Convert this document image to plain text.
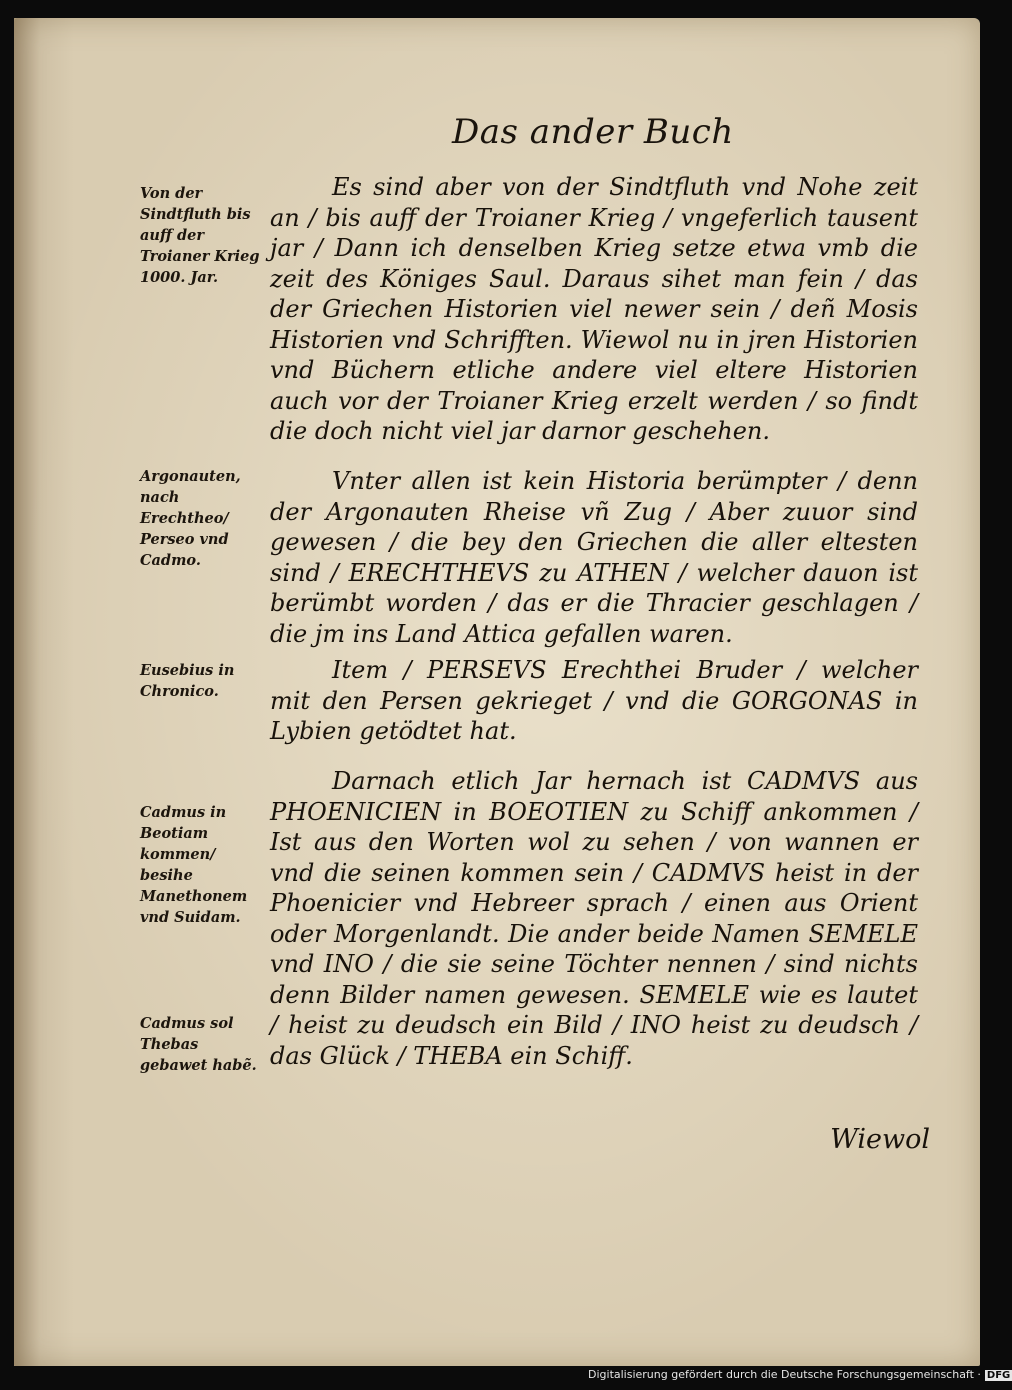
Das ander Buch
Von der Sindtfluth bis auff der Troianer Krieg 1000. Jar.
Argonauten, nach Erechtheo/ Perseo vnd Cadmo.
Eusebius in Chronico.
Cadmus in Beotiam kommen/ besihe Manethonem vnd Suidam.
Cadmus sol Thebas gebawet habẽ.
Es sind aber von der Sindtfluth vnd Nohe zeit an / bis auff der Troianer Krieg / vngeferlich tausent jar / Dann ich denselben Krieg setze etwa vmb die zeit des Königes Saul. Daraus sihet man fein / das der Griechen Historien viel newer sein / deñ Mosis Historien vnd Schrifften. Wiewol nu in jren Historien vnd Büchern etliche andere viel eltere Historien auch vor der Troianer Krieg erzelt werden / so findt die doch nicht viel jar darnor geschehen.
Vnter allen ist kein Historia berümpter / denn der Argonauten Rheise vñ Zug / Aber zuuor sind gewesen / die bey den Griechen die aller eltesten sind / ERECHTHEVS zu ATHEN / welcher dauon ist berümbt worden / das er die Thracier geschlagen / die jm ins Land Attica gefallen waren.
Item / PERSEVS Erechthei Bruder / welcher mit den Persen gekrieget / vnd die GORGONAS in Lybien getödtet hat.
Darnach etlich Jar hernach ist CADMVS aus PHOENICIEN in BOEOTIEN zu Schiff ankommen / Ist aus den Worten wol zu sehen / von wannen er vnd die seinen kommen sein / CADMVS heist in der Phoenicier vnd Hebreer sprach / einen aus Orient oder Morgenlandt. Die ander beide Namen SEMELE vnd INO / die sie seine Töchter nennen / sind nichts denn Bilder namen gewesen. SEMELE wie es lautet / heist zu deudsch ein Bild / INO heist zu deudsch / das Glück / THEBA ein Schiff.
Wiewol
Digitalisierung gefördert durch die Deutsche Forschungsgemeinschaft · DFG
